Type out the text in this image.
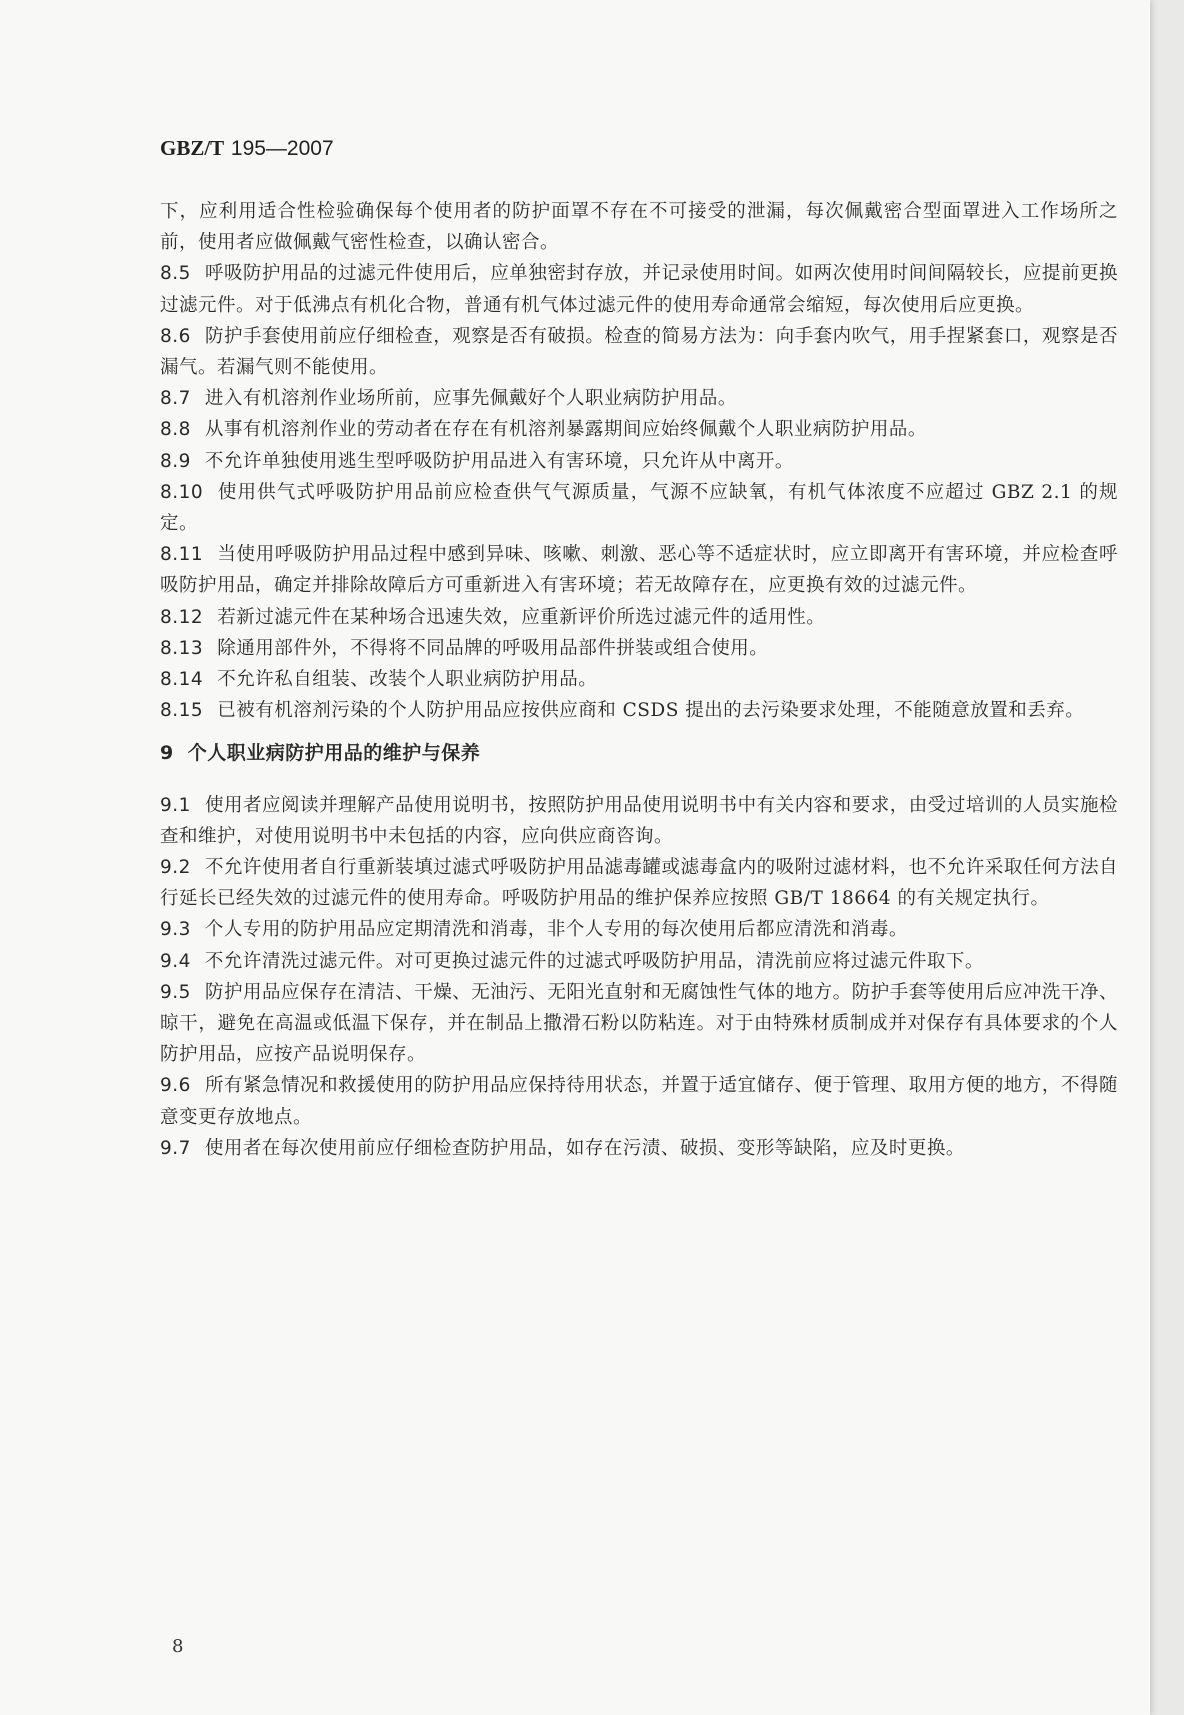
GBZ/T 195—2007

下，应利用适合性检验确保每个使用者的防护面罩不存在不可接受的泄漏，每次佩戴密合型面罩进入工作场所之前，使用者应做佩戴气密性检查，以确认密合。

8.5 呼吸防护用品的过滤元件使用后，应单独密封存放，并记录使用时间。如两次使用时间间隔较长，应提前更换过滤元件。对于低沸点有机化合物，普通有机气体过滤元件的使用寿命通常会缩短，每次使用后应更换。

8.6 防护手套使用前应仔细检查，观察是否有破损。检查的简易方法为：向手套内吹气，用手捏紧套口，观察是否漏气。若漏气则不能使用。

8.7 进入有机溶剂作业场所前，应事先佩戴好个人职业病防护用品。

8.8 从事有机溶剂作业的劳动者在存在有机溶剂暴露期间应始终佩戴个人职业病防护用品。

8.9 不允许单独使用逃生型呼吸防护用品进入有害环境，只允许从中离开。

8.10 使用供气式呼吸防护用品前应检查供气气源质量，气源不应缺氧，有机气体浓度不应超过 GBZ 2.1 的规定。

8.11 当使用呼吸防护用品过程中感到异味、咳嗽、刺激、恶心等不适症状时，应立即离开有害环境，并应检查呼吸防护用品，确定并排除故障后方可重新进入有害环境；若无故障存在，应更换有效的过滤元件。

8.12 若新过滤元件在某种场合迅速失效，应重新评价所选过滤元件的适用性。

8.13 除通用部件外，不得将不同品牌的呼吸用品部件拼装或组合使用。

8.14 不允许私自组装、改装个人职业病防护用品。

8.15 已被有机溶剂污染的个人防护用品应按供应商和 CSDS 提出的去污染要求处理，不能随意放置和丢弃。

9 个人职业病防护用品的维护与保养

9.1 使用者应阅读并理解产品使用说明书，按照防护用品使用说明书中有关内容和要求，由受过培训的人员实施检查和维护，对使用说明书中未包括的内容，应向供应商咨询。

9.2 不允许使用者自行重新装填过滤式呼吸防护用品滤毒罐或滤毒盒内的吸附过滤材料，也不允许采取任何方法自行延长已经失效的过滤元件的使用寿命。呼吸防护用品的维护保养应按照 GB/T 18664 的有关规定执行。

9.3 个人专用的防护用品应定期清洗和消毒，非个人专用的每次使用后都应清洗和消毒。

9.4 不允许清洗过滤元件。对可更换过滤元件的过滤式呼吸防护用品，清洗前应将过滤元件取下。

9.5 防护用品应保存在清洁、干燥、无油污、无阳光直射和无腐蚀性气体的地方。防护手套等使用后应冲洗干净、晾干，避免在高温或低温下保存，并在制品上撒滑石粉以防粘连。对于由特殊材质制成并对保存有具体要求的个人防护用品，应按产品说明保存。

9.6 所有紧急情况和救援使用的防护用品应保持待用状态，并置于适宜储存、便于管理、取用方便的地方，不得随意变更存放地点。

9.7 使用者在每次使用前应仔细检查防护用品，如存在污渍、破损、变形等缺陷，应及时更换。

8
